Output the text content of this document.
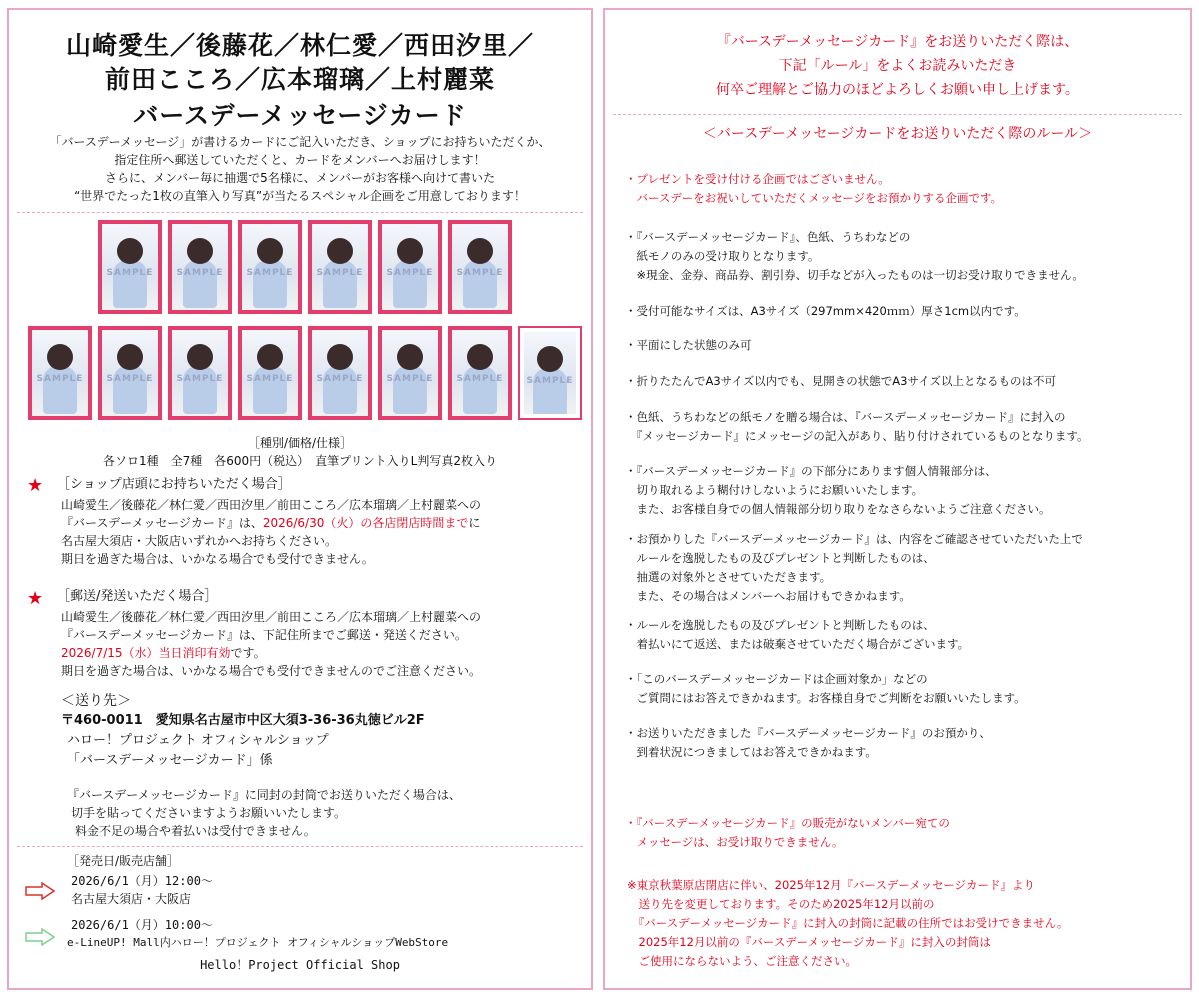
山崎愛生／後藤花／林仁愛／西田汐里／
前田こころ／広本瑠璃／上村麗菜
バースデーメッセージカード
「バースデーメッセージ」が書けるカードにご記入いただき、ショップにお持ちいただくか、
指定住所へ郵送していただくと、カードをメンバーへお届けします！
さらに、メンバー毎に抽選で5名様に、メンバーがお客様へ向けて書いた
“世界でたった1枚の直筆入り写真”が当たるスペシャル企画をご用意しております！
SAMPLE	SAMPLE	SAMPLE	SAMPLE	SAMPLE	SAMPLE
SAMPLE	SAMPLE	SAMPLE	SAMPLE	SAMPLE	SAMPLE	SAMPLE	SAMPLE
［種別/価格/仕様］
各ソロ1種　全7種　各600円（税込）　直筆プリント入りL判写真2枚入り
★ ［ショップ店頭にお持ちいただく場合］
山崎愛生／後藤花／林仁愛／西田汐里／前田こころ／広本瑠璃／上村麗菜への
『バースデーメッセージカード』は、2026/6/30（火）の各店閉店時間までに
名古屋大須店・大阪店いずれかへお持ちください。
期日を過ぎた場合は、いかなる場合でも受付できません。
★ ［郵送/発送いただく場合］
山崎愛生／後藤花／林仁愛／西田汐里／前田こころ／広本瑠璃／上村麗菜への
『バースデーメッセージカード』は、下記住所までご郵送・発送ください。
2026/7/15（水）当日消印有効です。
期日を過ぎた場合は、いかなる場合でも受付できませんのでご注意ください。
＜送り先＞
〒460-0011　愛知県名古屋市中区大須3-36-36丸徳ビル2F
ハロー！プロジェクト オフィシャルショップ
「バースデーメッセージカード」係
『バースデーメッセージカード』に同封の封筒でお送りいただく場合は、
切手を貼ってくださいますようお願いいたします。
料金不足の場合や着払いは受付できません。
［発売日/販売店舗］
2026/6/1（月）12:00〜
名古屋大須店・大阪店
2026/6/1（月）10:00〜
e-LineUP! Mall内ハロー！プロジェクト オフィシャルショップWebStore
Hello！Project Official Shop
『バースデーメッセージカード』をお送りいただく際は、
下記「ルール」をよくお読みいただき
何卒ご理解とご協力のほどよろしくお願い申し上げます。
＜バースデーメッセージカードをお送りいただく際のルール＞
・プレゼントを受け付ける企画ではございません。
　バースデーをお祝いしていただくメッセージをお預かりする企画です。
・『バースデーメッセージカード』、色紙、うちわなどの
　紙モノのみの受け取りとなります。
　※現金、金券、商品券、割引券、切手などが入ったものは一切お受け取りできません。
・受付可能なサイズは、A3サイズ（297mm×420ｍｍ）厚さ1cm以内です。
・平面にした状態のみ可
・折りたたんでA3サイズ以内でも、見開きの状態でA3サイズ以上となるものは不可
・色紙、うちわなどの紙モノを贈る場合は、『バースデーメッセージカード』に封入の
　『メッセージカード』にメッセージの記入があり、貼り付けされているものとなります。
・『バースデーメッセージカード』の下部分にあります個人情報部分は、
　切り取れるよう糊付けしないようにお願いいたします。
　また、お客様自身での個人情報部分切り取りをなさらないようご注意ください。
・お預かりした『バースデーメッセージカード』は、内容をご確認させていただいた上で
　ルールを逸脱したもの及びプレゼントと判断したものは、
　抽選の対象外とさせていただきます。
　また、その場合はメンバーへお届けもできかねます。
・ルールを逸脱したもの及びプレゼントと判断したものは、
　着払いにて返送、または破棄させていただく場合がございます。
・「このバースデーメッセージカードは企画対象か」などの
　ご質問にはお答えできかねます。お客様自身でご判断をお願いいたします。
・お送りいただきました『バースデーメッセージカード』のお預かり、
　到着状況につきましてはお答えできかねます。
・『バースデーメッセージカード』の販売がないメンバー宛ての
　メッセージは、お受け取りできません。
※東京秋葉原店閉店に伴い、2025年12月『バースデーメッセージカード』より
　送り先を変更しております。そのため2025年12月以前の
　『バースデーメッセージカード』に封入の封筒に記載の住所ではお受けできません。
　2025年12月以前の『バースデーメッセージカード』に封入の封筒は
　ご使用にならないよう、ご注意ください。
